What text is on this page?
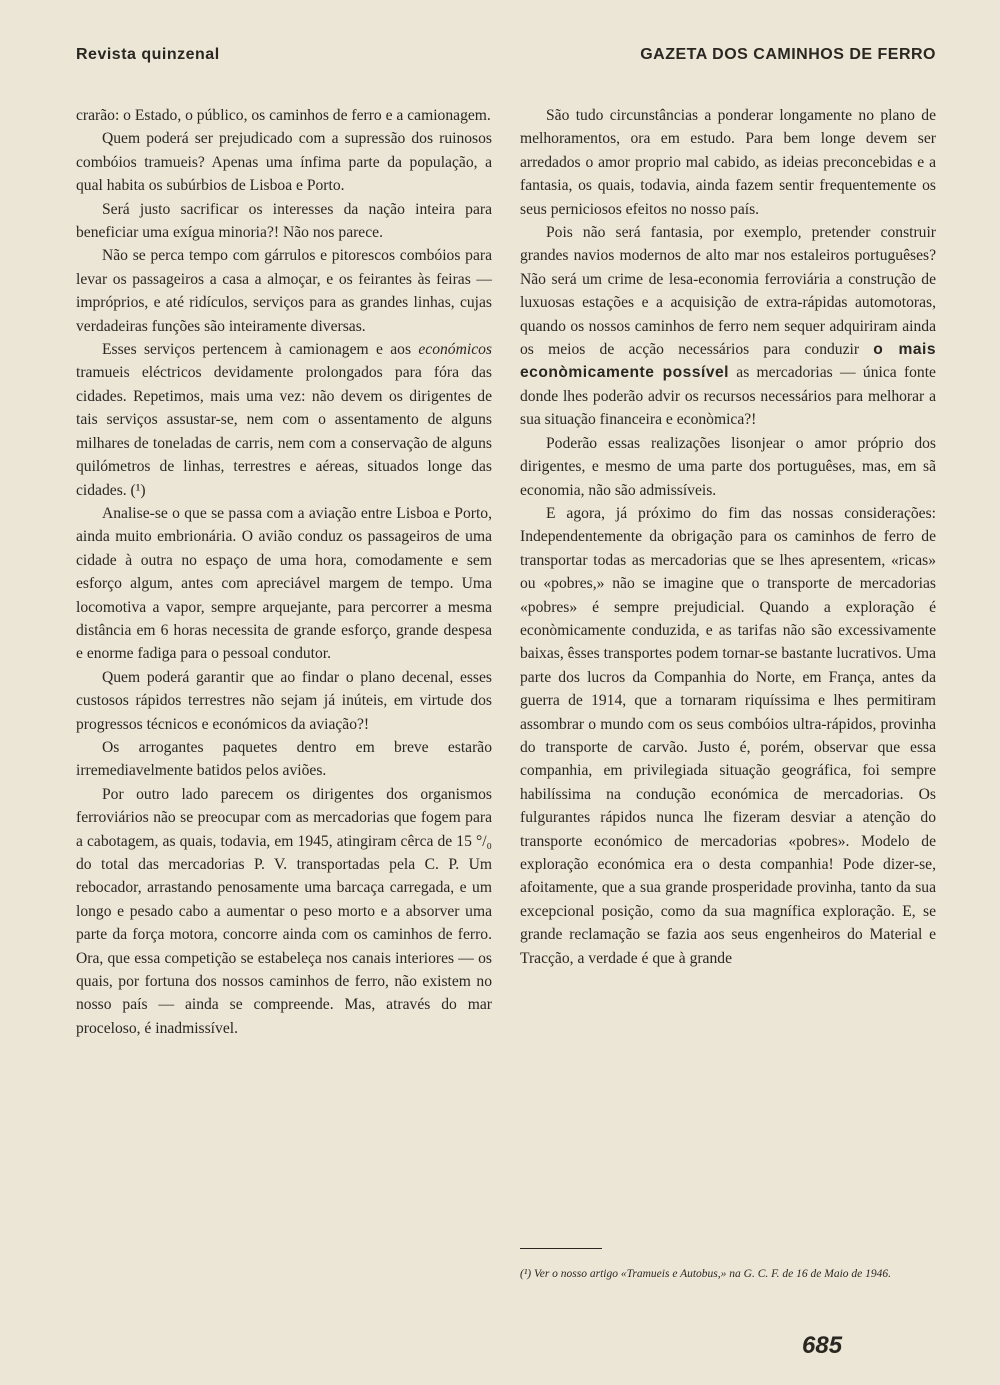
Revista quinzenal	GAZETA DOS CAMINHOS DE FERRO

crarão: o Estado, o público, os caminhos de ferro e a camionagem.

Quem poderá ser prejudicado com a supressão dos ruinosos combóios tramueis? Apenas uma ínfima parte da população, a qual habita os subúrbios de Lisboa e Porto.

Será justo sacrificar os interesses da nação inteira para beneficiar uma exígua minoria?! Não nos parece.

Não se perca tempo com gárrulos e pitorescos combóios para levar os passageiros a casa a almoçar, e os feirantes às feiras — impróprios, e até ridículos, serviços para as grandes linhas, cujas verdadeiras funções são inteiramente diversas.

Esses serviços pertencem à camionagem e aos económicos tramueis eléctricos devidamente prolongados para fóra das cidades. Repetimos, mais uma vez: não devem os dirigentes de tais serviços assustar-se, nem com o assentamento de alguns milhares de toneladas de carris, nem com a conservação de alguns quilómetros de linhas, terrestres e aéreas, situados longe das cidades. (¹)

Analise-se o que se passa com a aviação entre Lisboa e Porto, ainda muito embrionária. O avião conduz os passageiros de uma cidade à outra no espaço de uma hora, comodamente e sem esforço algum, antes com apreciável margem de tempo. Uma locomotiva a vapor, sempre arquejante, para percorrer a mesma distância em 6 horas necessita de grande esforço, grande despesa e enorme fadiga para o pessoal condutor.

Quem poderá garantir que ao findar o plano decenal, esses custosos rápidos terrestres não sejam já inúteis, em virtude dos progressos técnicos e económicos da aviação?!

Os arrogantes paquetes dentro em breve estarão irremediavelmente batidos pelos aviões.

Por outro lado parecem os dirigentes dos organismos ferroviários não se preocupar com as mercadorias que fogem para a cabotagem, as quais, todavia, em 1945, atingiram cêrca de 15 °/₀ do total das mercadorias P. V. transportadas pela C. P. Um rebocador, arrastando penosamente uma barcaça carregada, e um longo e pesado cabo a aumentar o peso morto e a absorver uma parte da força motora, concorre ainda com os caminhos de ferro. Ora, que essa competição se estabeleça nos canais interiores — os quais, por fortuna dos nossos caminhos de ferro, não existem no nosso país — ainda se compreende. Mas, através do mar proceloso, é inadmissível.

São tudo circunstâncias a ponderar longamente no plano de melhoramentos, ora em estudo. Para bem longe devem ser arredados o amor proprio mal cabido, as ideias preconcebidas e a fantasia, os quais, todavia, ainda fazem sentir frequentemente os seus perniciosos efeitos no nosso país.

Pois não será fantasia, por exemplo, pretender construir grandes navios modernos de alto mar nos estaleiros portuguêses? Não será um crime de lesa-economia ferroviária a construção de luxuosas estações e a acquisição de extra-rápidas automotoras, quando os nossos caminhos de ferro nem sequer adquiriram ainda os meios de acção necessários para conduzir o mais econòmicamente possível as mercadorias — única fonte donde lhes poderão advir os recursos necessários para melhorar a sua situação financeira e econòmica?!

Poderão essas realizações lisonjear o amor próprio dos dirigentes, e mesmo de uma parte dos portuguêses, mas, em sã economia, não são admissíveis.

E agora, já próximo do fim das nossas considerações: Independentemente da obrigação para os caminhos de ferro de transportar todas as mercadorias que se lhes apresentem, «ricas» ou «pobres,» não se imagine que o transporte de mercadorias «pobres» é sempre prejudicial. Quando a exploração é econòmicamente conduzida, e as tarifas não são excessivamente baixas, êsses transportes podem tornar-se bastante lucrativos. Uma parte dos lucros da Companhia do Norte, em França, antes da guerra de 1914, que a tornaram riquíssima e lhes permitiram assombrar o mundo com os seus combóios ultra-rápidos, provinha do transporte de carvão. Justo é, porém, observar que essa companhia, em privilegiada situação geográfica, foi sempre habilíssima na condução económica de mercadorias. Os fulgurantes rápidos nunca lhe fizeram desviar a atenção do transporte económico de mercadorias «pobres». Modelo de exploração económica era o desta companhia! Pode dizer-se, afoitamente, que a sua grande prosperidade provinha, tanto da sua excepcional posição, como da sua magnífica exploração. E, se grande reclamação se fazia aos seus engenheiros do Material e Tracção, a verdade é que à grande

(¹) Ver o nosso artigo «Tramueis e Autobus,» na G. C. F. de 16 de Maio de 1946.
685
